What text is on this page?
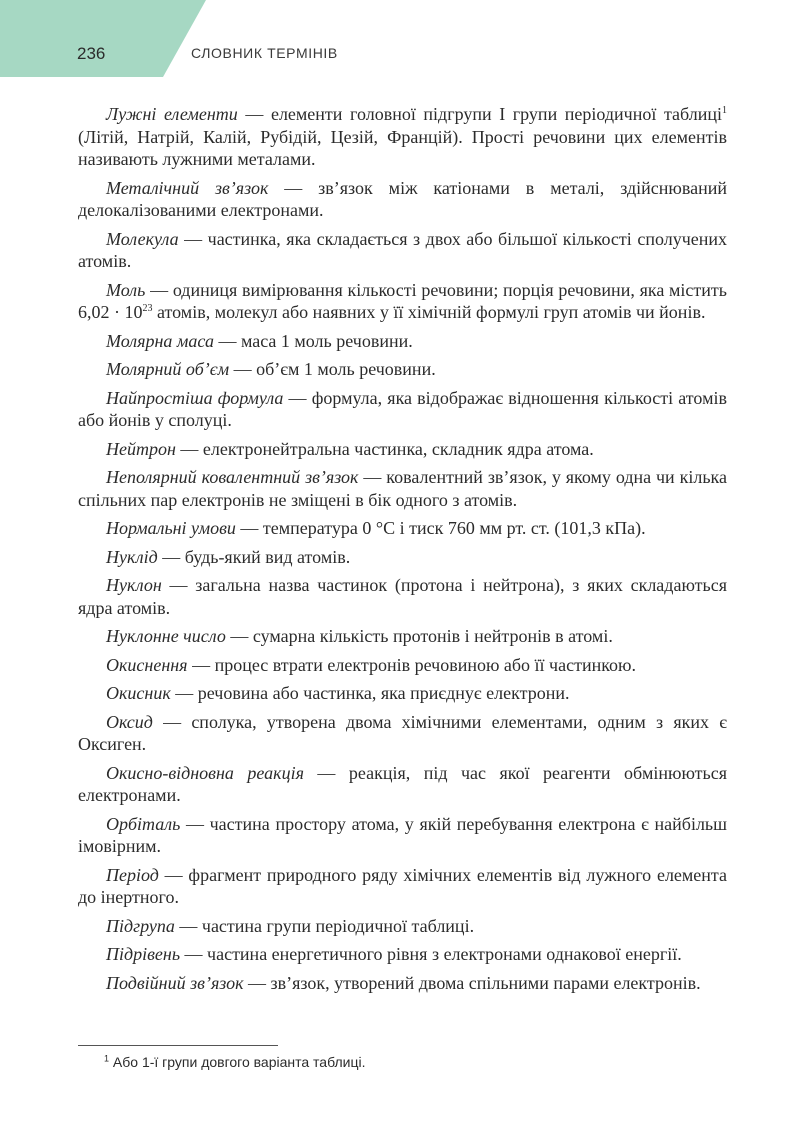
236	СЛОВНИК ТЕРМІНІВ

Лужні елементи — елементи головної підгрупи I групи періодичної таблиці$^1$ (Літій, Натрій, Калій, Рубідій, Цезій, Францій). Прості речовини цих елементів називають лужними металами.

Металічний зв’язок — зв’язок між катіонами в металі, здійснюваний делокалізованими електронами.

Молекула — частинка, яка складається з двох або більшої кількості сполучених атомів.

Моль — одиниця вимірювання кількості речовини; порція речовини, яка містить $6,02 \cdot 10^{23}$ атомів, молекул або наявних у її хімічній формулі груп атомів чи йонів.

Молярна маса — маса 1 моль речовини.

Молярний об’єм — об’єм 1 моль речовини.

Найпростіша формула — формула, яка відображає відношення кількості атомів або йонів у сполуці.

Нейтрон — електронейтральна частинка, складник ядра атома.

Неполярний ковалентний зв’язок — ковалентний зв’язок, у якому одна чи кілька спільних пар електронів не зміщені в бік одного з атомів.

Нормальні умови — температура 0 °С і тиск 760 мм рт. ст. (101,3 кПа).

Нуклід — будь-який вид атомів.

Нуклон — загальна назва частинок (протона і нейтрона), з яких складаються ядра атомів.

Нуклонне число — сумарна кількість протонів і нейтронів в атомі.

Окиснення — процес втрати електронів речовиною або її частинкою.

Окисник — речовина або частинка, яка приєднує електрони.

Оксид — сполука, утворена двома хімічними елементами, одним з яких є Оксиген.

Окисно-відновна реакція — реакція, під час якої реагенти обмінюються електронами.

Орбіталь — частина простору атома, у якій перебування електрона є найбільш імовірним.

Період — фрагмент природного ряду хімічних елементів від лужного елемента до інертного.

Підгрупа — частина групи періодичної таблиці.

Підрівень — частина енергетичного рівня з електронами однакової енергії.

Подвійний зв’язок — зв’язок, утворений двома спільними парами електронів.

$^1$ Або 1-ї групи довгого варіанта таблиці.
